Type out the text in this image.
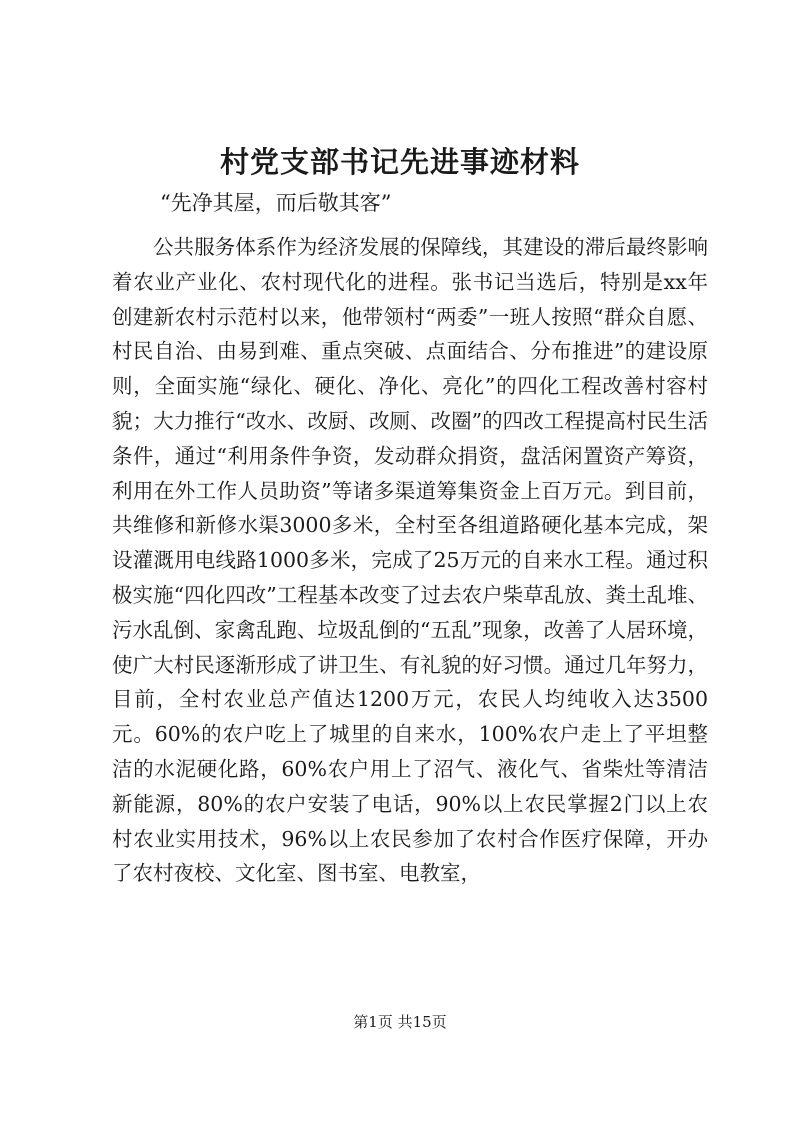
村党支部书记先进事迹材料

“先净其屋，而后敬其客”

公共服务体系作为经济发展的保障线，其建设的滞后最终影响着农业产业化、农村现代化的进程。张书记当选后，特别是xx年创建新农村示范村以来，他带领村“两委”一班人按照“群众自愿、村民自治、由易到难、重点突破、点面结合、分布推进”的建设原则，全面实施“绿化、硬化、净化、亮化”的四化工程改善村容村貌；大力推行“改水、改厨、改厕、改圈”的四改工程提高村民生活条件，通过“利用条件争资，发动群众捐资，盘活闲置资产筹资，利用在外工作人员助资”等诸多渠道筹集资金上百万元。到目前，共维修和新修水渠3000多米，全村至各组道路硬化基本完成，架设灌溉用电线路1000多米，完成了25万元的自来水工程。通过积极实施“四化四改”工程基本改变了过去农户柴草乱放、粪土乱堆、污水乱倒、家禽乱跑、垃圾乱倒的“五乱”现象，改善了人居环境，使广大村民逐渐形成了讲卫生、有礼貌的好习惯。通过几年努力，目前，全村农业总产值达1200万元，农民人均纯收入达3500元。60%的农户吃上了城里的自来水，100%农户走上了平坦整洁的水泥硬化路，60%农户用上了沼气、液化气、省柴灶等清洁新能源，80%的农户安装了电话，90%以上农民掌握2门以上农村农业实用技术，96%以上农民参加了农村合作医疗保障，开办了农村夜校、文化室、图书室、电教室，

第1页 共15页
